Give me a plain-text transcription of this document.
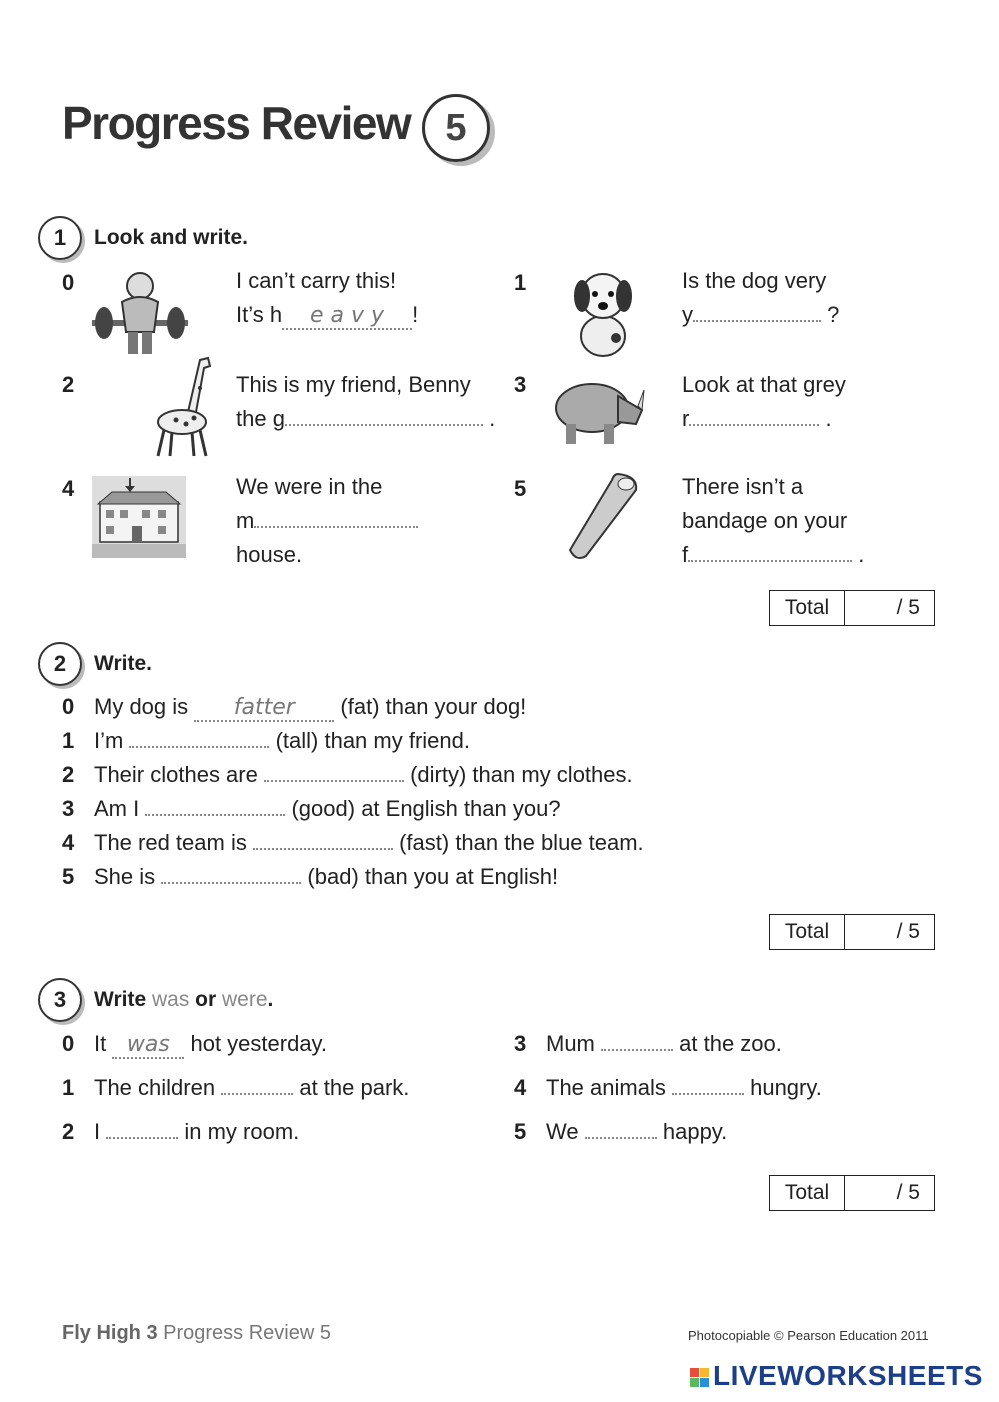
Progress Review 5
1	Look and write.
0	I can’t carry this!
It’s h e a v y !
1	Is the dog very
y	?
2	This is my friend, Benny
the g	.
3	Look at that grey
r	.
4	We were in the
m
house.
5	There isn’t a
bandage on your
f	.
Total	/ 5
2	Write.
0 My dog is fatter (fat) than your dog!
1 I’m	(tall) than my friend.
2 Their clothes are	(dirty) than my clothes.
3 Am I	(good) at English than you?
4 The red team is	(fast) than the blue team.
5 She is	(bad) than you at English!
Total	/ 5
3	Write was or were.
0 It was hot yesterday.
1 The children	at the park.
2 I	in my room.
3 Mum	at the zoo.
4 The animals	hungry.
5 We	happy.
Total	/ 5
Fly High 3 Progress Review 5	Photocopiable © Pearson Education 2011
LIVEWORKSHEETS
